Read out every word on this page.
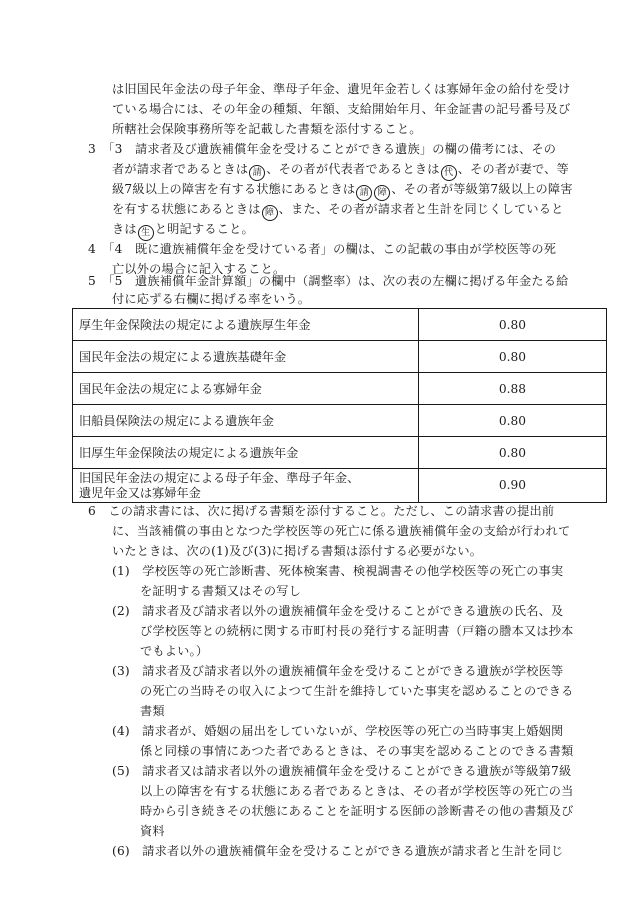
は旧国民年金法の母子年金、準母子年金、遺児年金若しくは寡婦年金の給付を受け
ている場合には、その年金の種類、年額、支給開始年月、年金証書の記号番号及び
所轄社会保険事務所等を記載した書類を添付すること。
3　「3　請求者及び遺族補償年金を受けることができる遺族」の欄の備考には、その
者が請求者であるときは 請 、その者が代表者であるときは 代 、その者が妻で、等
級7級以上の障害を有する状態にあるときは 請 障 、その者が等級第7級以上の障害
を有する状態にあるときは 障 、また、その者が請求者と生計を同じくしていると
きは 生 と明記すること。
4　「4　既に遺族補償年金を受けている者」の欄は、この記載の事由が学校医等の死
亡以外の場合に記入すること。
5　「5　遺族補償年金計算額」の欄中（調整率）は、次の表の左欄に掲げる年金たる給
付に応ずる右欄に掲げる率をいう。
厚生年金保険法の規定による遺族厚生年金	0.80
国民年金法の規定による遺族基礎年金	0.80
国民年金法の規定による寡婦年金	0.88
旧船員保険法の規定による遺族年金	0.80
旧厚生年金保険法の規定による遺族年金	0.80

旧国民年金法の規定による母子年金、準母子年金、
遺児年金又は寡婦年金	0.90
6　この請求書には、次に掲げる書類を添付すること。ただし、この請求書の提出前
に、当該補償の事由となつた学校医等の死亡に係る遺族補償年金の支給が行われて
いたときは、次の(1)及び(3)に掲げる書類は添付する必要がない。
(1)　学校医等の死亡診断書、死体検案書、検視調書その他学校医等の死亡の事実
を証明する書類又はその写し
(2)　請求者及び請求者以外の遺族補償年金を受けることができる遺族の氏名、及
び学校医等との続柄に関する市町村長の発行する証明書（戸籍の謄本又は抄本
でもよい。）
(3)　請求者及び請求者以外の遺族補償年金を受けることができる遺族が学校医等
の死亡の当時その収入によつて生計を維持していた事実を認めることのできる
書類
(4)　請求者が、婚姻の届出をしていないが、学校医等の死亡の当時事実上婚姻関
係と同様の事情にあつた者であるときは、その事実を認めることのできる書類
(5)　請求者又は請求者以外の遺族補償年金を受けることができる遺族が等級第7級
以上の障害を有する状態にある者であるときは、その者が学校医等の死亡の当
時から引き続きその状態にあることを証明する医師の診断書その他の書類及び
資料
(6)　請求者以外の遺族補償年金を受けることができる遺族が請求者と生計を同じ
